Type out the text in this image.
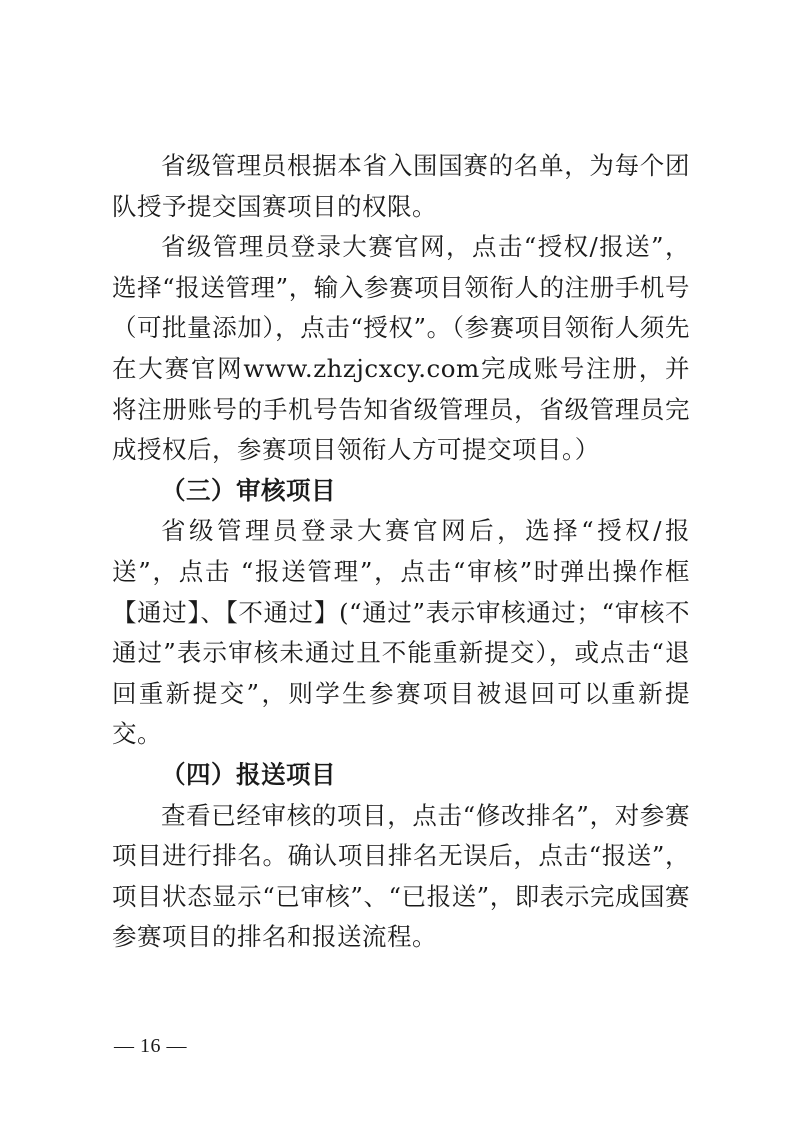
省级管理员根据本省入围国赛的名单，为每个团队授予提交国赛项目的权限。

省级管理员登录大赛官网，点击“授权/报送”，选择“报送管理”，输入参赛项目领衔人的注册手机号（可批量添加），点击“授权”。（参赛项目领衔人须先在大赛官网www.zhzjcxcy.com完成账号注册，并将注册账号的手机号告知省级管理员，省级管理员完成授权后，参赛项目领衔人方可提交项目。）

（三）审核项目

省级管理员登录大赛官网后，选择“授权/报送”，点击 “报送管理”，点击“审核”时弹出操作框【通过】、【不通过】(“通过”表示审核通过；“审核不通过”表示审核未通过且不能重新提交），或点击“退回重新提交”，则学生参赛项目被退回可以重新提交。

（四）报送项目

查看已经审核的项目，点击“修改排名”，对参赛项目进行排名。确认项目排名无误后，点击“报送”，项目状态显示“已审核”、“已报送”，即表示完成国赛参赛项目的排名和报送流程。

— 16 —
